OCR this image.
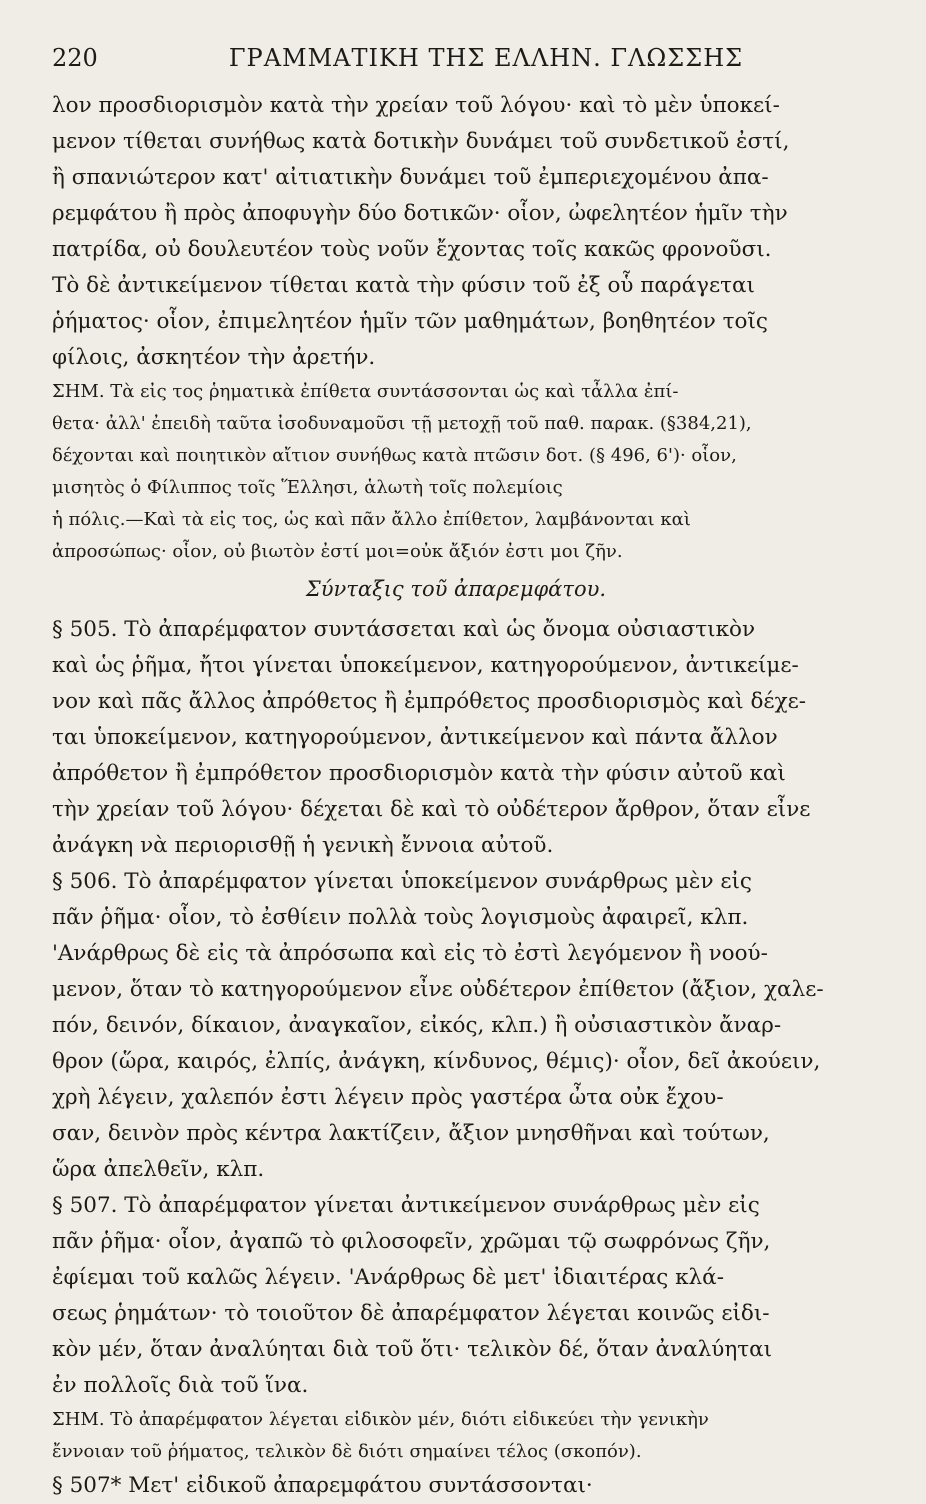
220	ΓΡΑΜΜΑΤΙΚΗ ΤΗΣ ΕΛΛΗΝ. ΓΛΩΣΣΗΣ
λον προσδιορισμὸν κατὰ τὴν χρείαν τοῦ λόγου· καὶ τὸ μὲν ὑποκεί-
μενον τίθεται συνήθως κατὰ δοτικὴν δυνάμει τοῦ συνδετικοῦ ἐστί,
ἢ σπανιώτερον κατ' αἰτιατικὴν δυνάμει τοῦ ἐμπεριεχομένου ἀπα-
ρεμφάτου ἢ πρὸς ἀποφυγὴν δύο δοτικῶν· οἷον, ὠφελητέον ἡμῖν τὴν
πατρίδα, οὐ δουλευτέον τοὺς νοῦν ἔχοντας τοῖς κακῶς φρονοῦσι.
Τὸ δὲ ἀντικείμενον τίθεται κατὰ τὴν φύσιν τοῦ ἐξ οὗ παράγεται
ῥήματος· οἷον, ἐπιμελητέον ἡμῖν τῶν μαθημάτων, βοηθητέον τοῖς
φίλοις, ἀσκητέον τὴν ἀρετήν.
ΣΗΜ. Τὰ εἰς τος ῥηματικὰ ἐπίθετα συντάσσονται ὡς καὶ τἆλλα ἐπί-
θετα· ἀλλ' ἐπειδὴ ταῦτα ἰσοδυναμοῦσι τῇ μετοχῇ τοῦ παθ. παρακ. (§384,21),
δέχονται καὶ ποιητικὸν αἴτιον συνήθως κατὰ πτῶσιν δοτ. (§ 496, 6')· οἷον,
μισητὸς ὁ Φίλιππος τοῖς Ἕλλησι, ἁλωτὴ τοῖς πολεμίοις
ἡ πόλις.—Καὶ τὰ εἰς τος, ὡς καὶ πᾶν ἄλλο ἐπίθετον, λαμβάνονται καὶ
ἀπροσώπως· οἷον, οὐ βιωτὸν ἐστί μοι=οὐκ ἄξιόν ἐστι μοι ζῆν.
Σύνταξις τοῦ ἀπαρεμφάτου.
§ 505. Τὸ ἀπαρέμφατον συντάσσεται καὶ ὡς ὄνομα οὐσιαστικὸν
καὶ ὡς ῥῆμα, ἤτοι γίνεται ὑποκείμενον, κατηγορούμενον, ἀντικείμε-
νον καὶ πᾶς ἄλλος ἀπρόθετος ἢ ἐμπρόθετος προσδιορισμὸς καὶ δέχε-
ται ὑποκείμενον, κατηγορούμενον, ἀντικείμενον καὶ πάντα ἄλλον
ἀπρόθετον ἢ ἐμπρόθετον προσδιορισμὸν κατὰ τὴν φύσιν αὐτοῦ καὶ
τὴν χρείαν τοῦ λόγου· δέχεται δὲ καὶ τὸ οὐδέτερον ἄρθρον, ὅταν εἶνε
ἀνάγκη νὰ περιορισθῇ ἡ γενικὴ ἔννοια αὐτοῦ.
§ 506. Τὸ ἀπαρέμφατον γίνεται ὑποκείμενον συνάρθρως μὲν εἰς
πᾶν ῥῆμα· οἷον, τὸ ἐσθίειν πολλὰ τοὺς λογισμοὺς ἀφαιρεῖ, κλπ.
'Ανάρθρως δὲ εἰς τὰ ἀπρόσωπα καὶ εἰς τὸ ἐστὶ λεγόμενον ἢ νοού-
μενον, ὅταν τὸ κατηγορούμενον εἶνε οὐδέτερον ἐπίθετον (ἄξιον, χαλε-
πόν, δεινόν, δίκαιον, ἀναγκαῖον, εἰκός, κλπ.) ἢ οὐσιαστικὸν ἄναρ-
θρον (ὥρα, καιρός, ἐλπίς, ἀνάγκη, κίνδυνος, θέμις)· οἷον, δεῖ ἀκούειν,
χρὴ λέγειν, χαλεπόν ἐστι λέγειν πρὸς γαστέρα ὦτα οὐκ ἔχου-
σαν, δεινὸν πρὸς κέντρα λακτίζειν, ἄξιον μνησθῆναι καὶ τούτων,
ὥρα ἀπελθεῖν, κλπ.
§ 507. Τὸ ἀπαρέμφατον γίνεται ἀντικείμενον συνάρθρως μὲν εἰς
πᾶν ῥῆμα· οἷον, ἀγαπῶ τὸ φιλοσοφεῖν, χρῶμαι τῷ σωφρόνως ζῆν,
ἐφίεμαι τοῦ καλῶς λέγειν. 'Ανάρθρως δὲ μετ' ἰδιαιτέρας κλά-
σεως ῥημάτων· τὸ τοιοῦτον δὲ ἀπαρέμφατον λέγεται κοινῶς εἰδι-
κὸν μέν, ὅταν ἀναλύηται διὰ τοῦ ὅτι· τελικὸν δέ, ὅταν ἀναλύηται
ἐν πολλοῖς διὰ τοῦ ἵνα.
ΣΗΜ. Τὸ ἀπαρέμφατον λέγεται εἰδικὸν μέν, διότι εἰδικεύει τὴν γενικὴν
ἔννοιαν τοῦ ῥήματος, τελικὸν δὲ διότι σημαίνει τέλος (σκοπόν).
§ 507* Μετ' εἰδικοῦ ἀπαρεμφάτου συντάσσονται·
